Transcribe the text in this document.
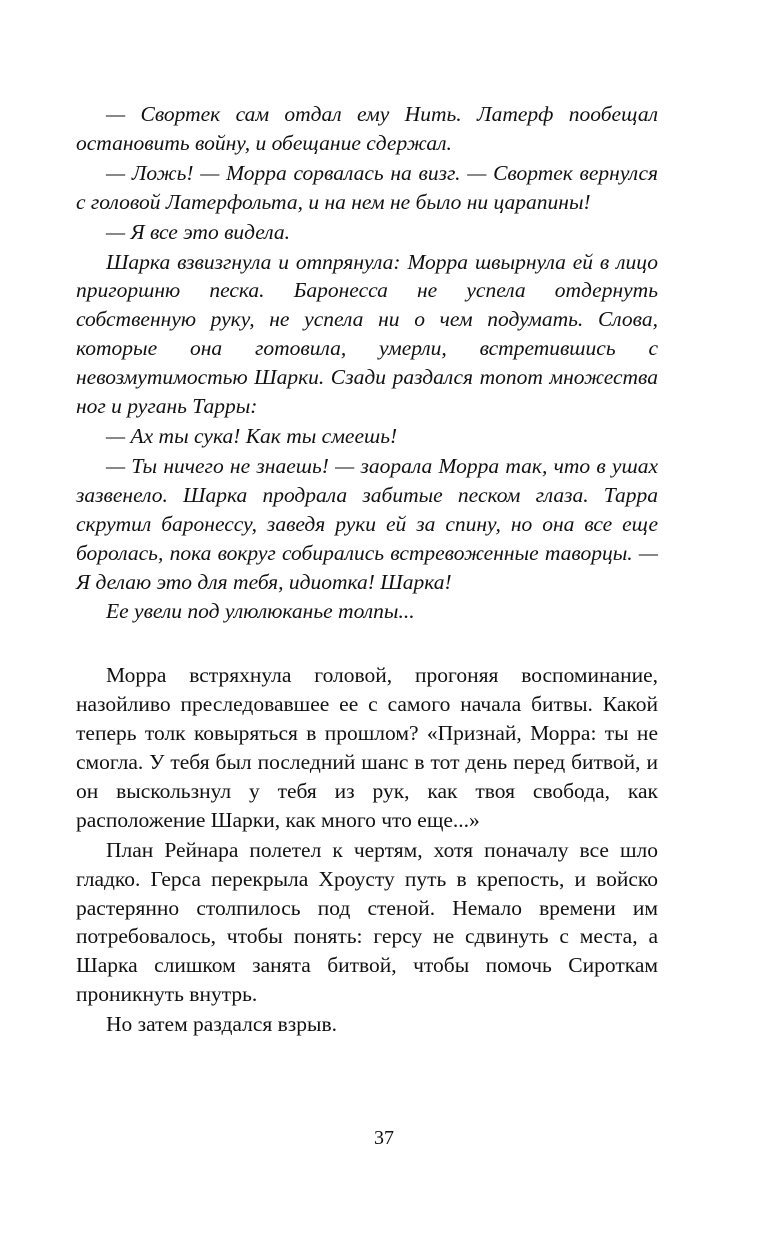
— Свортек сам отдал ему Нить. Латерф пообещал остановить войну, и обещание сдержал.

— Ложь! — Морра сорвалась на визг. — Свортек вернулся с головой Латерфольта, и на нем не было ни царапины!

— Я все это видела.

Шарка взвизгнула и отпрянула: Морра швырнула ей в лицо пригоршню песка. Баронесса не успела отдернуть собственную руку, не успела ни о чем подумать. Слова, которые она готовила, умерли, встретившись с невозмутимостью Шарки. Сзади раздался топот множества ног и ругань Тарры:

— Ах ты сука! Как ты смеешь!

— Ты ничего не знаешь! — заорала Морра так, что в ушах зазвенело. Шарка продрала забитые песком глаза. Тарра скрутил баронессу, заведя руки ей за спину, но она все еще боролась, пока вокруг собирались встревоженные таворцы. — Я делаю это для тебя, идиотка! Шарка!

Ее увели под улюлюканье толпы...

Морра встряхнула головой, прогоняя воспоминание, назойливо преследовавшее ее с самого начала битвы. Какой теперь толк ковыряться в прошлом? «Признай, Морра: ты не смогла. У тебя был последний шанс в тот день перед битвой, и он выскользнул у тебя из рук, как твоя свобода, как расположение Шарки, как много что еще...»

План Рейнара полетел к чертям, хотя поначалу все шло гладко. Герса перекрыла Хроусту путь в крепость, и войско растерянно столпилось под стеной. Немало времени им потребовалось, чтобы понять: герсу не сдвинуть с места, а Шарка слишком занята битвой, чтобы помочь Сироткам проникнуть внутрь.

Но затем раздался взрыв.

37
